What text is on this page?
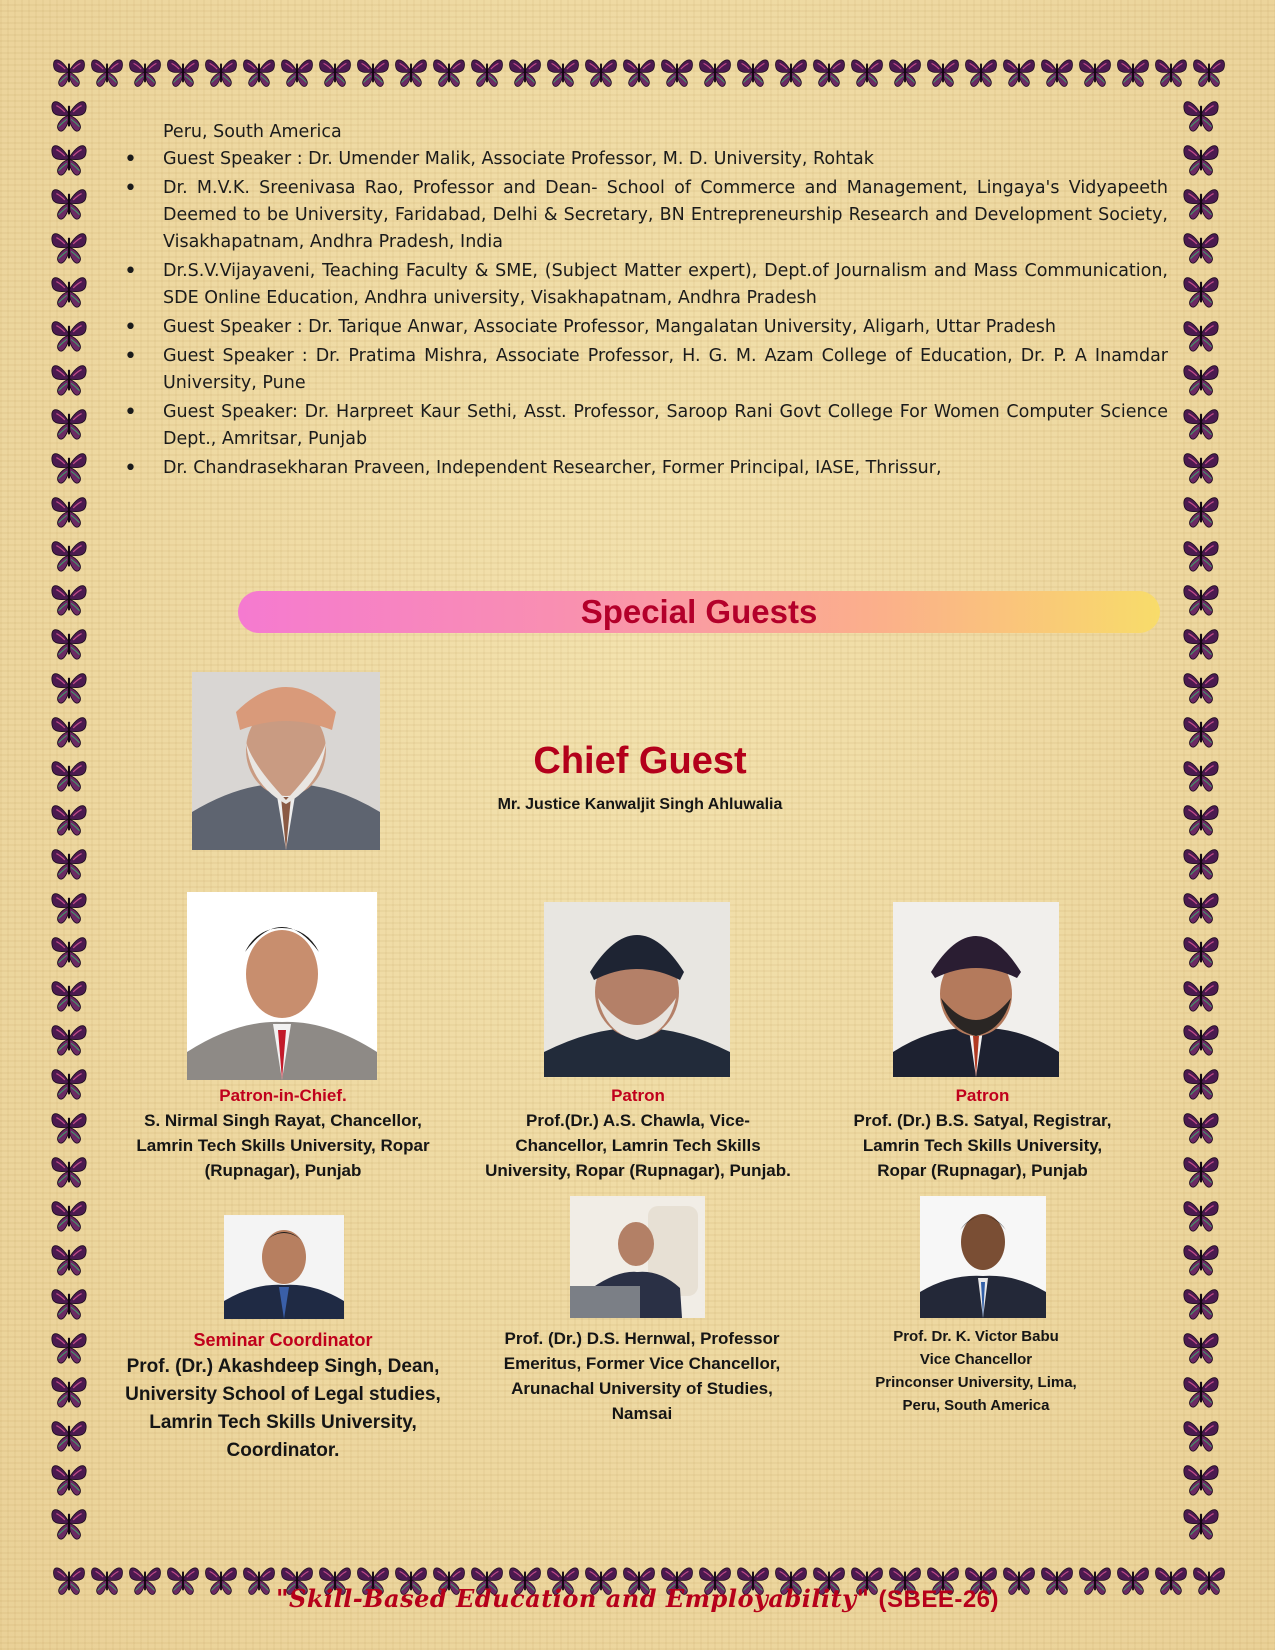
Peru, South America
• Guest Speaker : Dr. Umender Malik, Associate Professor, M. D. University, Rohtak
• Dr. M.V.K. Sreenivasa Rao, Professor and Dean- School of Commerce and Management, Lingaya's Vidyapeeth Deemed to be University, Faridabad, Delhi & Secretary, BN Entrepreneurship Research and Development Society, Visakhapatnam, Andhra Pradesh, India
• Dr.S.V.Vijayaveni, Teaching Faculty & SME, (Subject Matter expert), Dept.of Journalism and Mass Communication, SDE Online Education, Andhra university, Visakhapatnam, Andhra Pradesh
• Guest Speaker : Dr. Tarique Anwar, Associate Professor, Mangalatan University, Aligarh, Uttar Pradesh
• Guest Speaker : Dr. Pratima Mishra, Associate Professor, H. G. M. Azam College of Education, Dr. P. A Inamdar University, Pune
• Guest Speaker: Dr. Harpreet Kaur Sethi, Asst. Professor, Saroop Rani Govt College For Women Computer Science Dept., Amritsar, Punjab
• Dr. Chandrasekharan Praveen, Independent Researcher, Former Principal, IASE, Thrissur,
Special Guests
Chief Guest
Mr. Justice Kanwaljit Singh Ahluwalia
Patron-in-Chief.
S. Nirmal Singh Rayat, Chancellor,
Lamrin Tech Skills University, Ropar
(Rupnagar), Punjab
Patron
Prof.(Dr.) A.S. Chawla, Vice-
Chancellor, Lamrin Tech Skills
University, Ropar (Rupnagar), Punjab.
Patron
Prof. (Dr.) B.S. Satyal, Registrar,
Lamrin Tech Skills University,
Ropar (Rupnagar), Punjab
Seminar Coordinator
Prof. (Dr.) Akashdeep Singh, Dean,
University School of Legal studies,
Lamrin Tech Skills University,
Coordinator.
Prof. (Dr.) D.S. Hernwal, Professor
Emeritus, Former Vice Chancellor,
Arunachal University of Studies,
Namsai
Prof. Dr. K. Victor Babu
Vice Chancellor
Princonser University, Lima,
Peru, South America
"Skill-Based Education and Employability" (SBEE-26)
